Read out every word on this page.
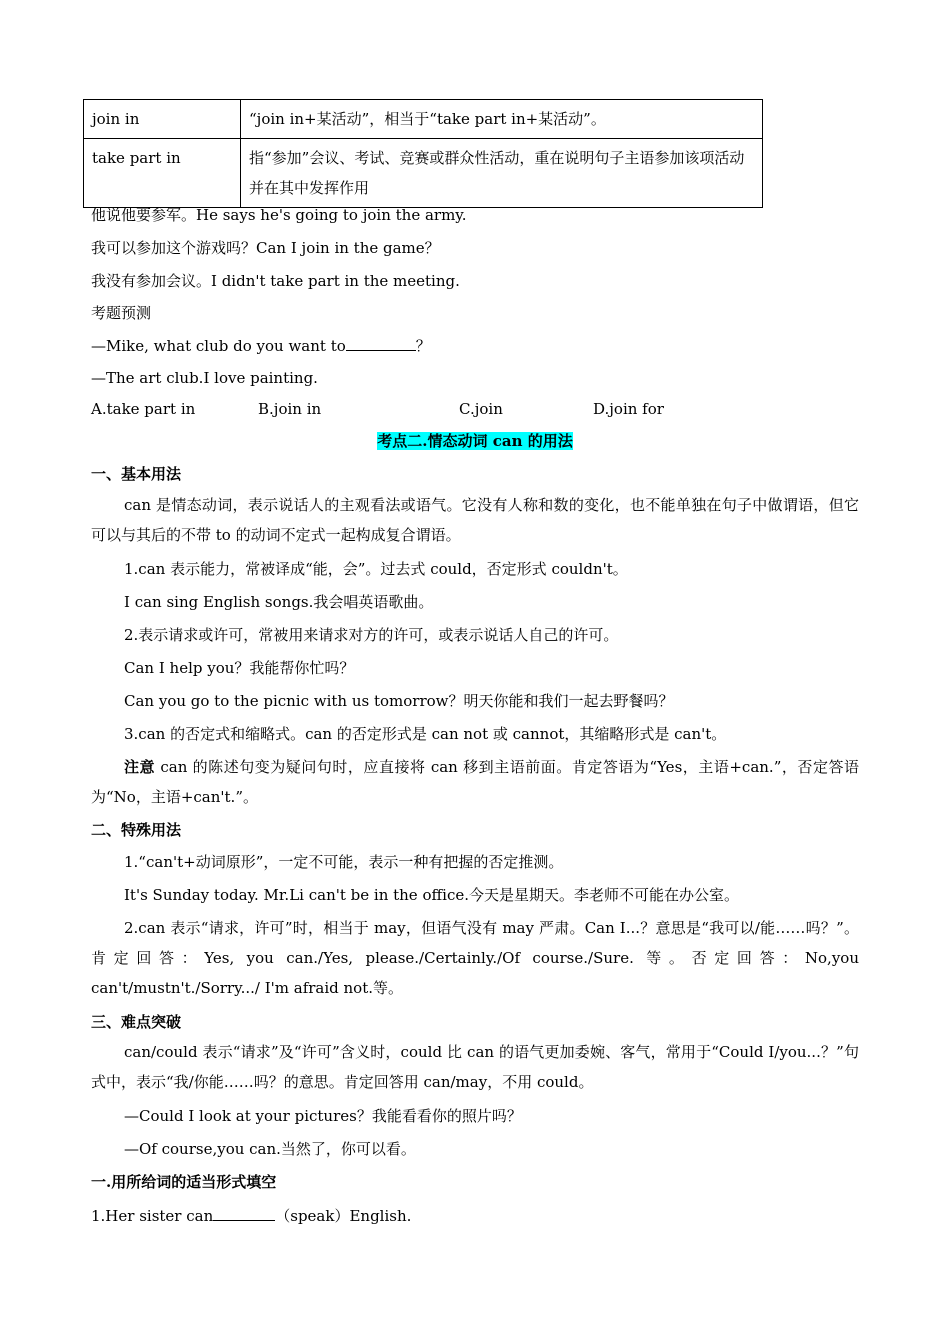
join in	“join in+某活动”，相当于“take part in+某活动”。
take part in	指“参加”会议、考试、竞赛或群众性活动，重在说明句子主语参加该项活动并在其中发挥作用
他说他要参军。He says he's going to join the army.
我可以参加这个游戏吗？Can I join in the game？
我没有参加会议。I didn't take part in the meeting.
考题预测
—Mike, what club do you want to	？
—The art club.I love painting.
A.take part in	B.join in	C.join	D.join for
考点二.情态动词 can 的用法
一、基本用法
can 是情态动词，表示说话人的主观看法或语气。它没有人称和数的变化，也不能单独在句子中做谓语，但它可以与其后的不带 to 的动词不定式一起构成复合谓语。
1.can 表示能力，常被译成“能，会”。过去式 could，否定形式 couldn't。
I can sing English songs.我会唱英语歌曲。
2.表示请求或许可，常被用来请求对方的许可，或表示说话人自己的许可。
Can I help you？我能帮你忙吗？
Can you go to the picnic with us tomorrow？明天你能和我们一起去野餐吗？
3.can 的否定式和缩略式。can 的否定形式是 can not 或 cannot，其缩略形式是 can't。
注意 can 的陈述句变为疑问句时，应直接将 can 移到主语前面。肯定答语为“Yes，主语+can.”，否定答语为“No，主语+can't.”。
二、特殊用法
1.“can't+动词原形”，一定不可能，表示一种有把握的否定推测。
It's Sunday today. Mr.Li can't be in the office.今天是星期天。李老师不可能在办公室。
2.can 表示“请求，许可”时，相当于 may，但语气没有 may 严肃。Can I...？意思是“我可以/能……吗？”。肯定回答：Yes, you can./Yes, please./Certainly./Of course./Sure. 等。否定回答：No,you can't/mustn't./Sorry.../ I'm afraid not.等。
三、难点突破
can/could 表示“请求”及“许可”含义时，could 比 can 的语气更加委婉、客气，常用于“Could I/you...？”句式中，表示“我/你能……吗？的意思。肯定回答用 can/may，不用 could。
—Could I look at your pictures？我能看看你的照片吗？
—Of course,you can.当然了，你可以看。
一.用所给词的适当形式填空
1.Her sister can	（speak）English.
